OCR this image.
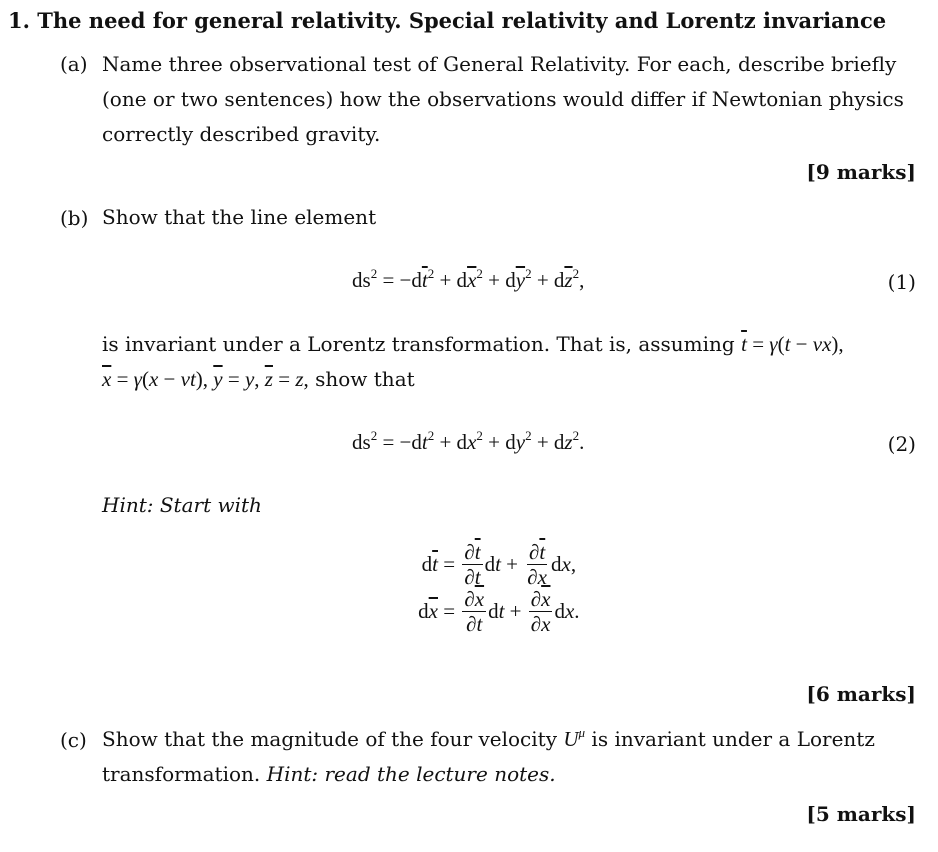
1. The need for general relativity. Special relativity and Lorentz invariance
(a) Name three observational test of General Relativity. For each, describe briefly
(one or two sentences) how the observations would differ if Newtonian physics
correctly described gravity.
[9 marks]
(b) Show that the line element
$ds^2 = -d\overline{t}^2 + d\overline{x}^2 + d\overline{y}^2 + d\overline{z}^2$,	(1)
is invariant under a Lorentz transformation. That is, assuming $\overline{t} = \gamma(t - vx)$,
$\overline{x} = \gamma(x - vt)$, $\overline{y} = y$, $\overline{z} = z$, show that
$ds^2 = -dt^2 + dx^2 + dy^2 + dz^2$.	(2)
Hint: Start with
$d\overline{t} = \frac{\partial\overline{t}}{\partial t}$ d $t + \frac{\partial\overline{t}}{\partial x}$ d x ,
$d\overline{x} = \frac{\partial\overline{x}}{\partial t}$ d $t + \frac{\partial\overline{x}}{\partial x}$ d x .
[6 marks]
(c) Show that the magnitude of the four velocity $U^\mu$ is invariant under a Lorentz
transformation. Hint: read the lecture notes.
[5 marks]
